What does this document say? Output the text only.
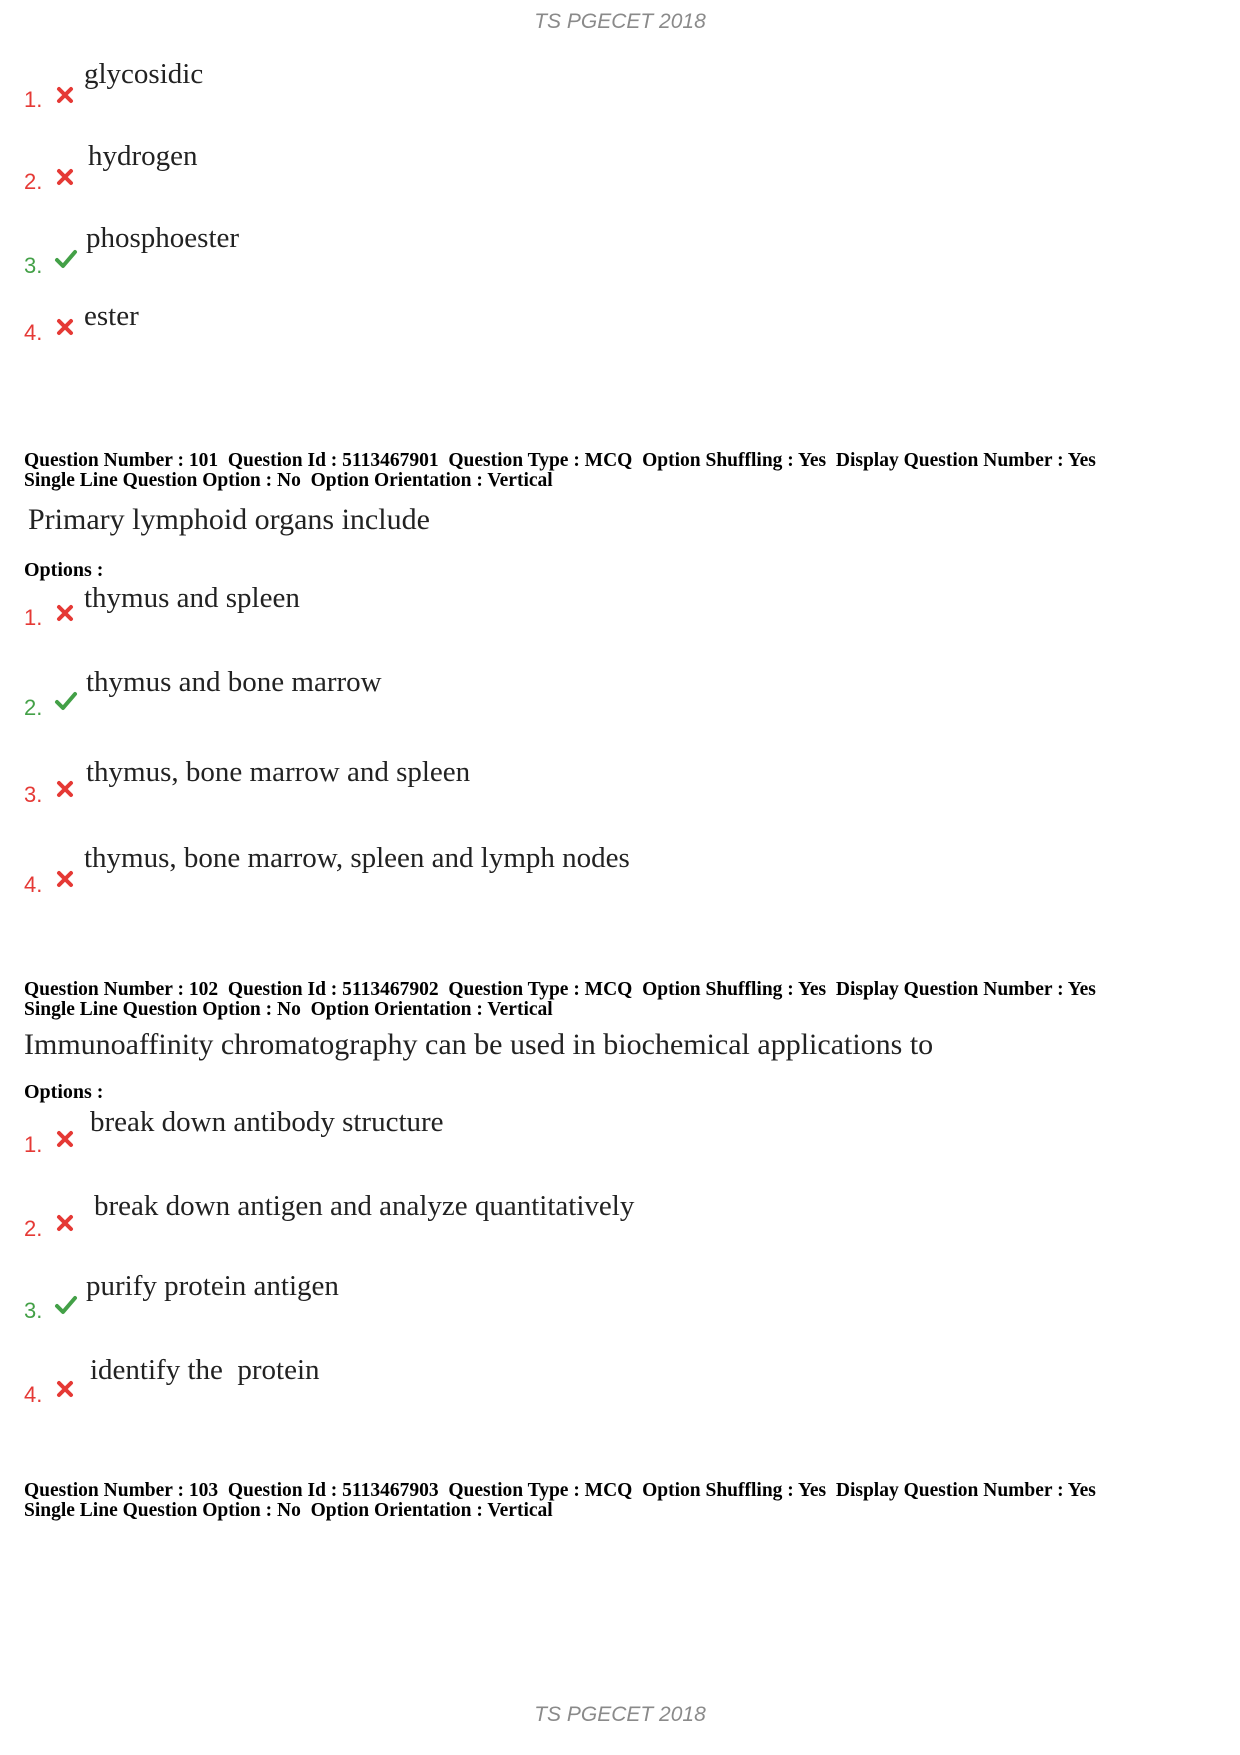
TS PGECET 2018
1.
glycosidic
2.
hydrogen
3.
phosphoester
4.
ester
Question Number : 101  Question Id : 5113467901  Question Type : MCQ  Option Shuffling : Yes  Display Question Number : Yes
Single Line Question Option : No  Option Orientation : Vertical
Primary lymphoid organs include
Options :
1.
thymus and spleen
2.
thymus and bone marrow
3.
thymus, bone marrow and spleen
4.
thymus, bone marrow, spleen and lymph nodes
Question Number : 102  Question Id : 5113467902  Question Type : MCQ  Option Shuffling : Yes  Display Question Number : Yes
Single Line Question Option : No  Option Orientation : Vertical
Immunoaffinity chromatography can be used in biochemical applications to
Options :
1.
break down antibody structure
2.
break down antigen and analyze quantitatively
3.
purify protein antigen
4.
identify the  protein
Question Number : 103  Question Id : 5113467903  Question Type : MCQ  Option Shuffling : Yes  Display Question Number : Yes
Single Line Question Option : No  Option Orientation : Vertical
TS PGECET 2018
